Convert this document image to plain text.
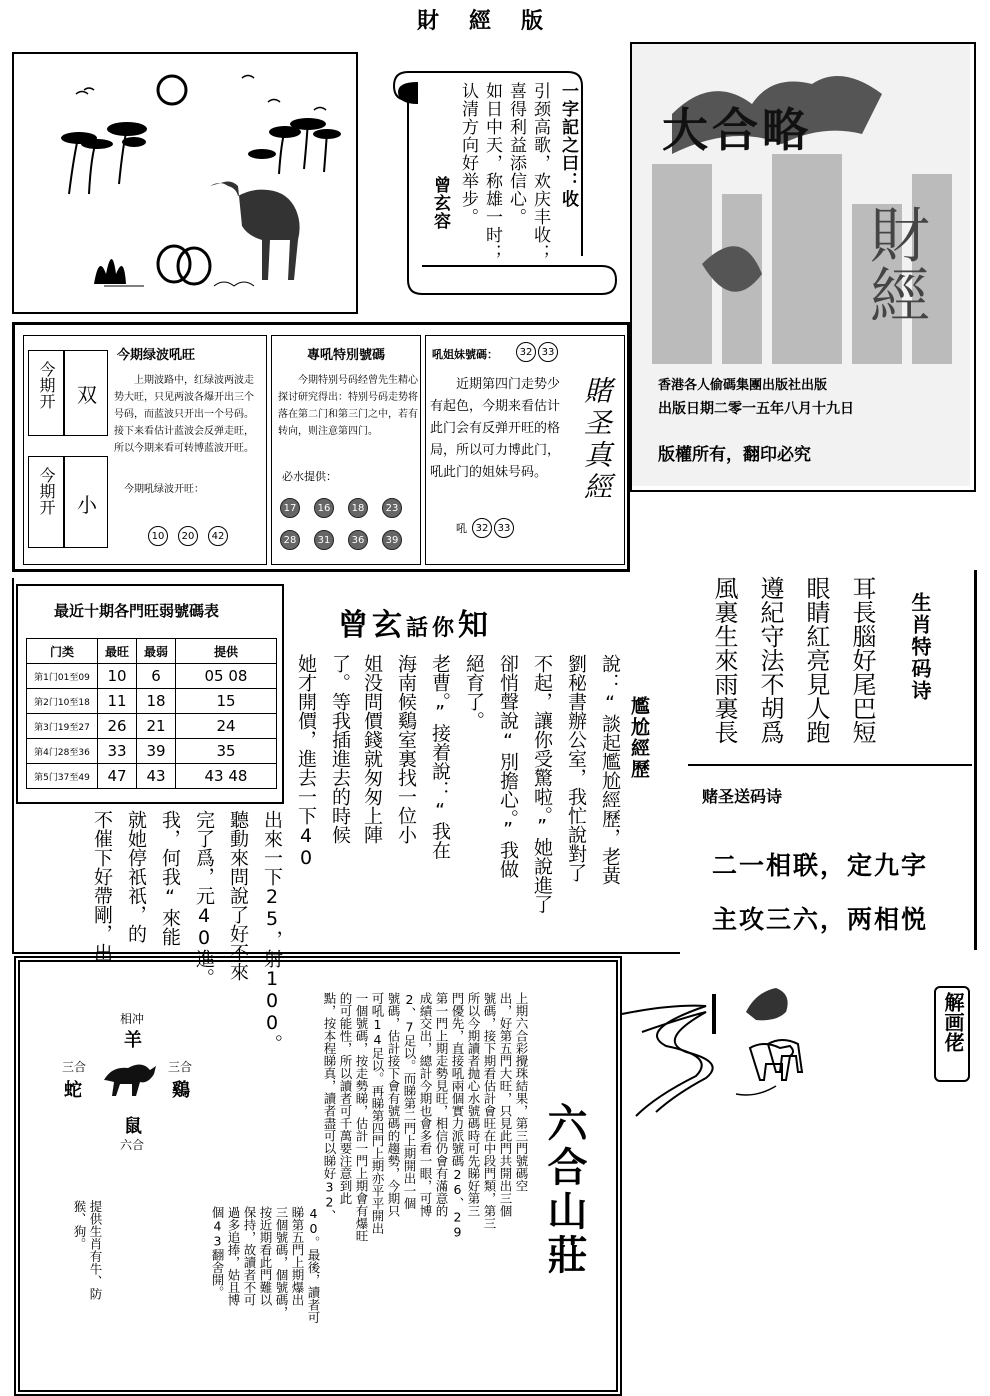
財經版
一字記之曰：收
引颈高歌，欢庆丰收；
喜得利益添信心。
如日中天，称雄一时；
认清方向好举步。
曾玄容
大合略
財經
香港各人偷碼集團出版社出版
出版日期二零一五年八月十九日
版權所有，翻印必究
今期绿波吼旺
今期开 双
今期开 小
上期波路中，红绿波两波走势大旺，只见两波各爆开出三个号码，而蓝波只开出一个号码。接下来看估计蓝波会反弹走旺，所以今期来看可转博蓝波开旺。
今期吼绿波开旺：
10	20	42
專吼特別號碼
今期特别号码经曾先生精心探讨研究得出：特别号码走势将落在第二门和第三门之中，若有转向，则注意第四门。
必水提供：
17	16	18	23
28	31	36	39
吼姐妹號碼：	32 33
近期第四门走势少有起色，今期来看估计此门会有反弹开旺的格局，所以可力博此门，吼此门的姐妹号码。
吼 32 33
賭圣真經
最近十期各門旺弱號碼表
门类	最旺	最弱	提供
第1门01至09	10	6	05 08
第2门10至18	11	18	15
第3门19至27	26	21	24
第4门28至36	33	39	35
第5门37至49	47	43	43 48
曾玄話你知
尷尬經歷
說：“談起尷尬經歷，老黃
劉秘書辦公室，我忙說對了
不起，讓你受驚啦。”她說進了
卻悄聲說“別擔心。”我做
絕育了。
老曹。”接着說：“我在
海南候鷄室裏找一位小
姐没問價錢就匆匆上陣
了。等我插進去的時候
她才開價，進去一下40
出來一下25，射100。
聽動來問說了好不來
完了爲，元40進。
我，何我“來能
就她停祇祇，的
不催下好帶剛，出
生肖特码诗
耳長腦好尾巴短
眼睛紅亮見人跑
遵紀守法不胡爲
風裏生來雨裏長
赌圣送码诗
二一相联，定九字
主攻三六，两相悦
相冲
羊
三合
蛇
三合
鷄
鼠
六合	六合山莊
上期六合彩攪珠結果，第三門號碼空
出，好第五門大旺，只見此門共開出三個
號碼，接下期看估計會旺在中段門類，第三
所以今期讀者抛心水號碼時可先睇好第三
門優先，直接吼兩個實力派號碼26、29
第一門上期走勢見旺，相信仍會有滿意的
成績交出，總計今期也會多看一眼，可博
2、7足以。而睇第二門上期開出一個
號碼，估計接下會有號碼的趨勢，今期只
可吼14足以。再睇第四門上期亦平平開出
一個號碼，按走勢睇，估計一門上期會有爆旺
的可能性，所以讀者可千萬要注意到此
點，按本程睇真，讀者盡可以睇好32、
40。最後，讀者可
睇第五門上期爆出
三個號碼，個號碼，
按近期看此門難以
保持，故讀者不可
過多追捧，姑且博
個43翻舍開。
提供生肖有牛、防
猴、狗。
解画佬
